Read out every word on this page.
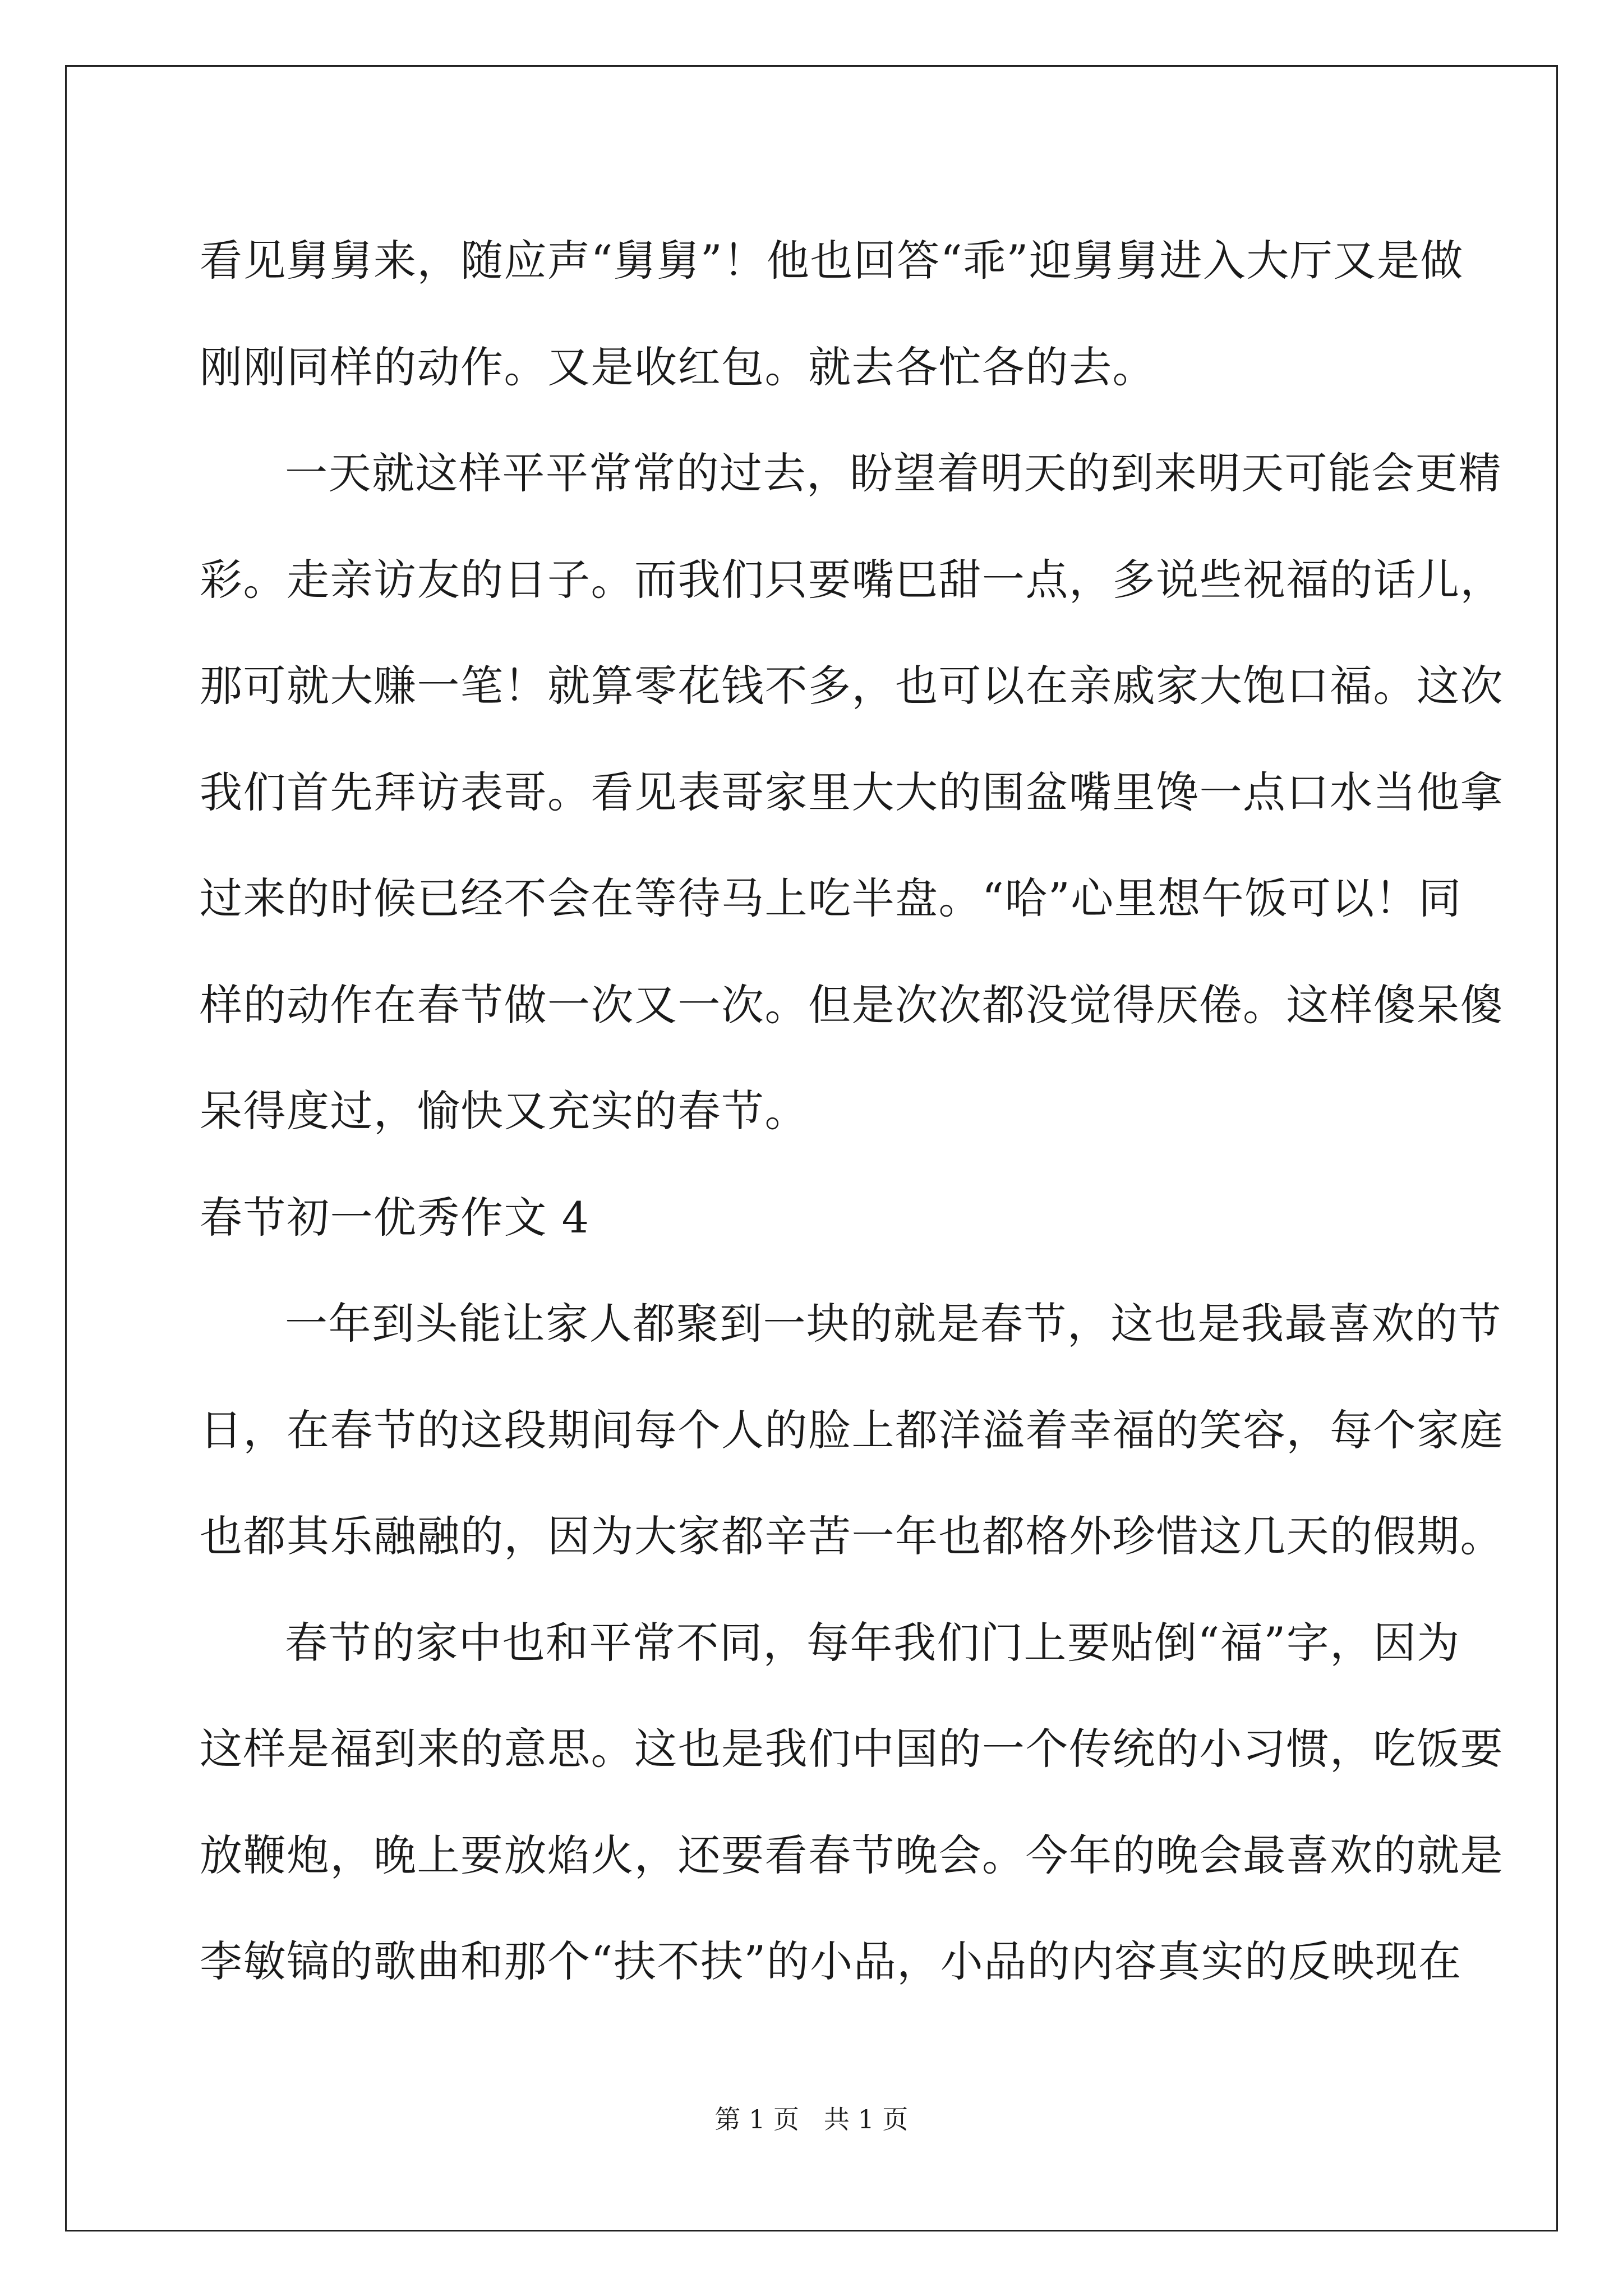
看见舅舅来，随应声“舅舅”！他也回答“乖”迎舅舅进入大厅又是做
刚刚同样的动作。又是收红包。就去各忙各的去。
一天就这样平平常常的过去，盼望着明天的到来明天可能会更精
彩。走亲访友的日子。而我们只要嘴巴甜一点，多说些祝福的话儿，
那可就大赚一笔！就算零花钱不多，也可以在亲戚家大饱口福。这次
我们首先拜访表哥。看见表哥家里大大的围盆嘴里馋一点口水当他拿
过来的时候已经不会在等待马上吃半盘。“哈”心里想午饭可以！同
样的动作在春节做一次又一次。但是次次都没觉得厌倦。这样傻呆傻
呆得度过，愉快又充实的春节。
春节初一优秀作文 4
一年到头能让家人都聚到一块的就是春节，这也是我最喜欢的节
日，在春节的这段期间每个人的脸上都洋溢着幸福的笑容，每个家庭
也都其乐融融的，因为大家都辛苦一年也都格外珍惜这几天的假期。
春节的家中也和平常不同，每年我们门上要贴倒“福”字，因为
这样是福到来的意思。这也是我们中国的一个传统的小习惯，吃饭要
放鞭炮，晚上要放焰火，还要看春节晚会。今年的晚会最喜欢的就是
李敏镐的歌曲和那个“扶不扶”的小品，小品的内容真实的反映现在
第 1 页   共 1 页
